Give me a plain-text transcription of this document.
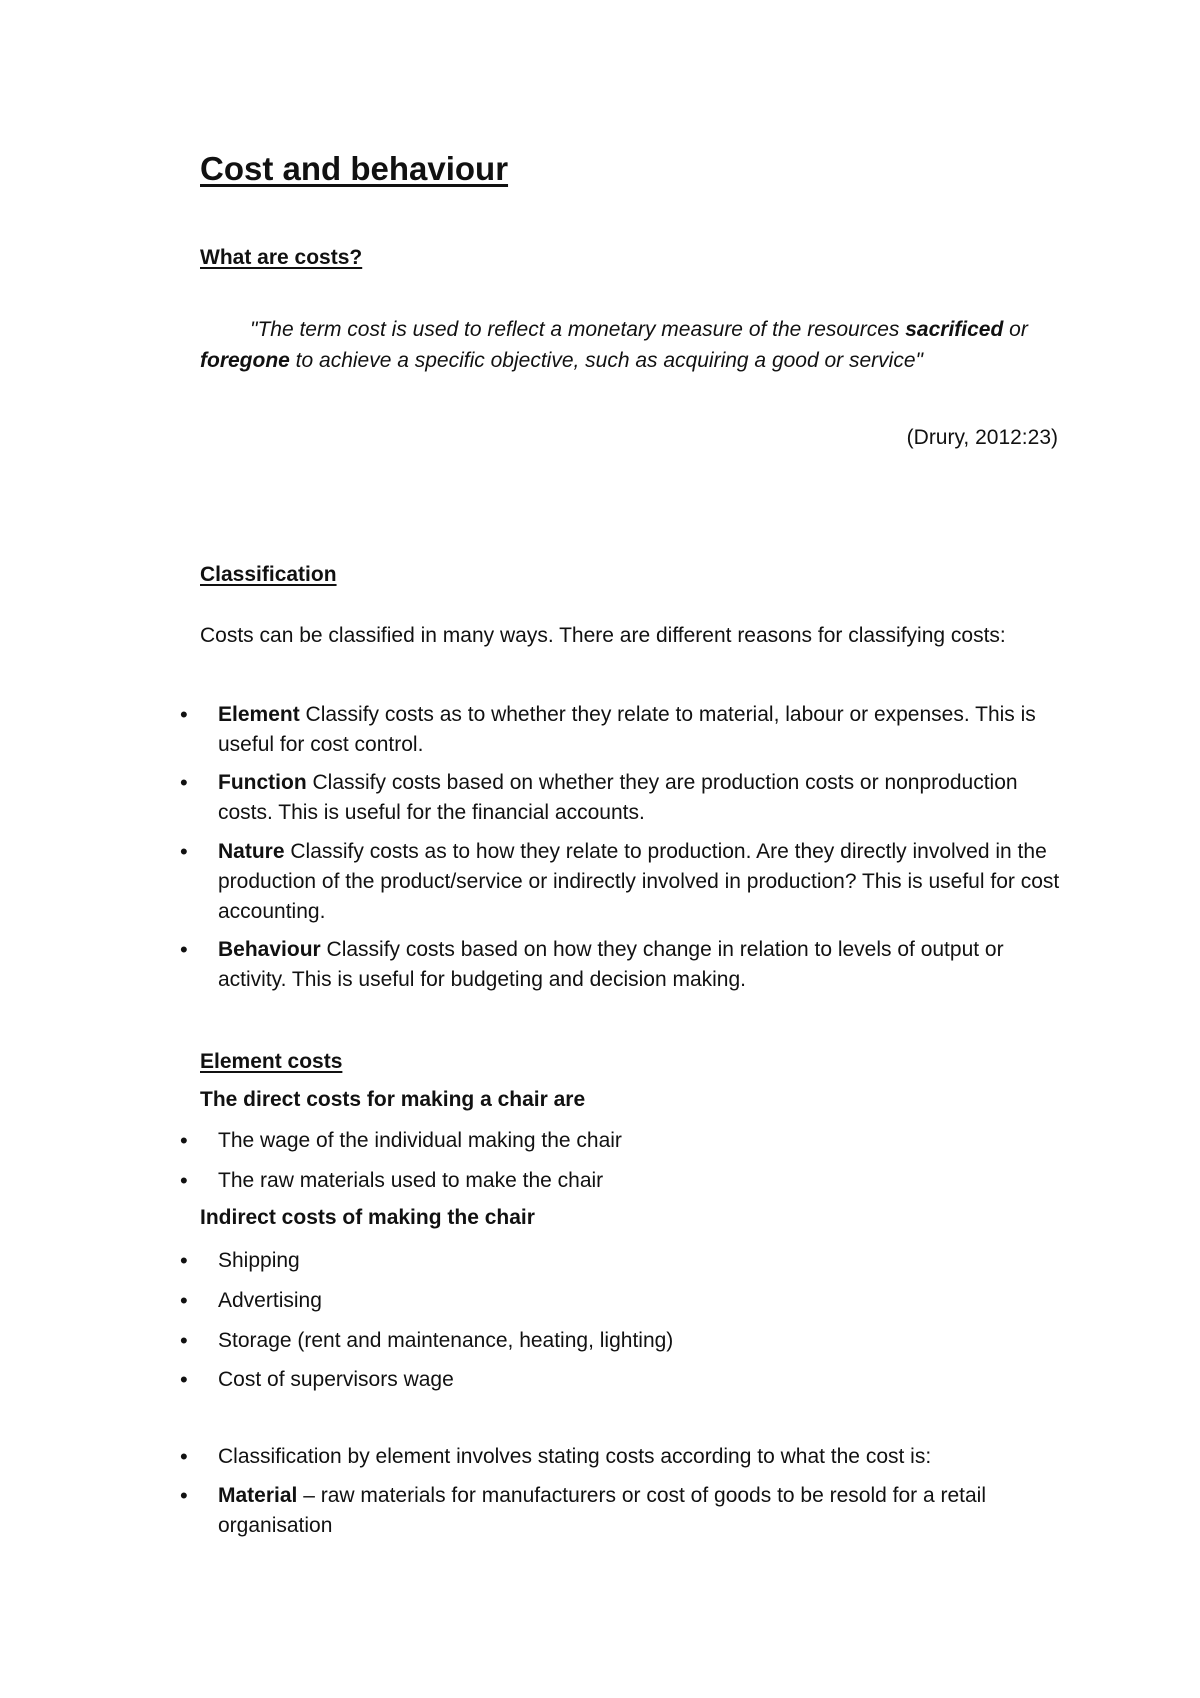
Cost and behaviour
What are costs?

"The term cost is used to reflect a monetary measure of the resources sacrificed or foregone to achieve a specific objective, such as acquiring a good or service"

(Drury, 2012:23)

Classification

Costs can be classified in many ways. There are different reasons for classifying costs:

•	Element Classify costs as to whether they relate to material, labour or expenses. This is useful for cost control.
•	Function Classify costs based on whether they are production costs or nonproduction costs. This is useful for the financial accounts.
•	Nature Classify costs as to how they relate to production. Are they directly involved in the production of the product/service or indirectly involved in production? This is useful for cost accounting.
•	Behaviour Classify costs based on how they change in relation to levels of output or activity. This is useful for budgeting and decision making.
Element costs

The direct costs for making a chair are

•	The wage of the individual making the chair
•	The raw materials used to make the chair

Indirect costs of making the chair

•	Shipping
•	Advertising
•	Storage (rent and maintenance, heating, lighting)
•	Cost of supervisors wage
•	Classification by element involves stating costs according to what the cost is:
•	Material – raw materials for manufacturers or cost of goods to be resold for a retail organisation
